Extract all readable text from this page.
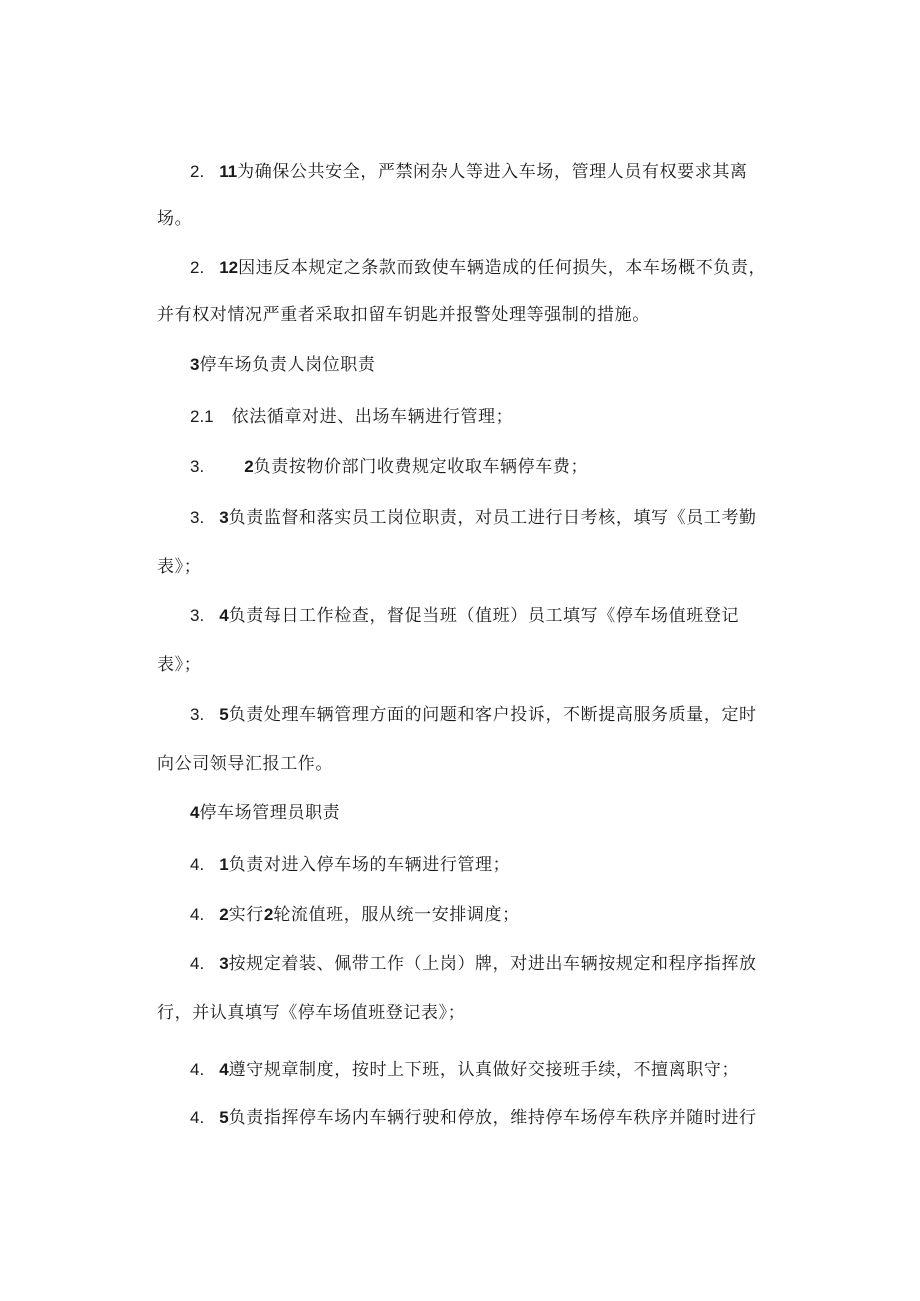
2. 11为确保公共安全，严禁闲杂人等进入车场，管理人员有权要求其离
场。
2. 12因违反本规定之条款而致使车辆造成的任何损失，本车场概不负责，
并有权对情况严重者采取扣留车钥匙并报警处理等强制的措施。
3停车场负责人岗位职责
2.1 依法循章对进、出场车辆进行管理；
3. 2负责按物价部门收费规定收取车辆停车费；
3. 3负责监督和落实员工岗位职责，对员工进行日考核，填写《员工考勤
表》；
3. 4负责每日工作检查，督促当班（值班）员工填写《停车场值班登记
表》；
3. 5负责处理车辆管理方面的问题和客户投诉，不断提高服务质量，定时
向公司领导汇报工作。
4停车场管理员职责
4. 1负责对进入停车场的车辆进行管理；
4. 2实行2轮流值班，服从统一安排调度；
4. 3按规定着装、佩带工作（上岗）牌，对进出车辆按规定和程序指挥放
行，并认真填写《停车场值班登记表》；
4. 4遵守规章制度，按时上下班，认真做好交接班手续，不擅离职守；
4. 5负责指挥停车场内车辆行驶和停放，维持停车场停车秩序并随时进行
